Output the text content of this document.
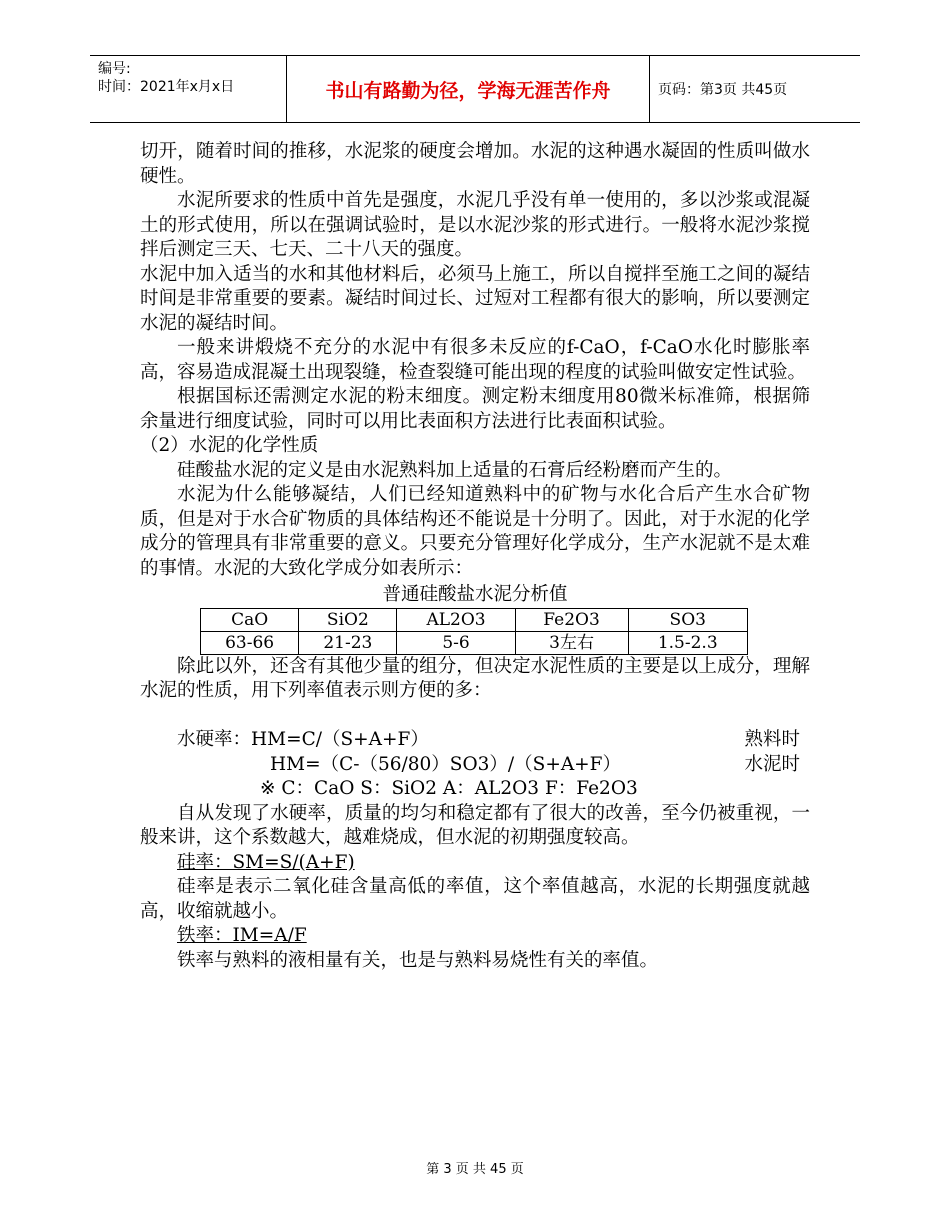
编号:
时间：2021年x月x日	书山有路勤为径，学海无涯苦作舟	页码：第3页 共45页

切开，随着时间的推移，水泥浆的硬度会增加。水泥的这种遇水凝固的性质叫做水硬性。

水泥所要求的性质中首先是强度，水泥几乎没有单一使用的，多以沙浆或混凝土的形式使用，所以在强调试验时，是以水泥沙浆的形式进行。一般将水泥沙浆搅拌后测定三天、七天、二十八天的强度。

水泥中加入适当的水和其他材料后，必须马上施工，所以自搅拌至施工之间的凝结时间是非常重要的要素。凝结时间过长、过短对工程都有很大的影响，所以要测定水泥的凝结时间。

一般来讲煅烧不充分的水泥中有很多未反应的f-CaO，f-CaO水化时膨胀率高，容易造成混凝土出现裂缝，检查裂缝可能出现的程度的试验叫做安定性试验。

根据国标还需测定水泥的粉末细度。测定粉末细度用80微米标准筛，根据筛余量进行细度试验，同时可以用比表面积方法进行比表面积试验。

（2）水泥的化学性质

硅酸盐水泥的定义是由水泥熟料加上适量的石膏后经粉磨而产生的。

水泥为什么能够凝结，人们已经知道熟料中的矿物与水化合后产生水合矿物质，但是对于水合矿物质的具体结构还不能说是十分明了。因此，对于水泥的化学成分的管理具有非常重要的意义。只要充分管理好化学成分，生产水泥就不是太难的事情。水泥的大致化学成分如表所示：

普通硅酸盐水泥分析值

CaO	SiO2	AL2O3	Fe2O3	SO3
63-66	21-23	5-6	3左右	1.5-2.3

除此以外，还含有其他少量的组分，但决定水泥性质的主要是以上成分，理解水泥的性质，用下列率值表示则方便的多：

水硬率：HM=C/（S+A+F）	熟料时
HM=（C-（56/80）SO3）/（S+A+F）	水泥时
※ C：CaO S：SiO2 A：AL2O3 F：Fe2O3

自从发现了水硬率，质量的均匀和稳定都有了很大的改善，至今仍被重视，一般来讲，这个系数越大，越难烧成，但水泥的初期强度较高。

硅率：SM=S/(A+F)

硅率是表示二氧化硅含量高低的率值，这个率值越高，水泥的长期强度就越高，收缩就越小。

铁率：IM=A/F

铁率与熟料的液相量有关，也是与熟料易烧性有关的率值。

第 3 页 共 45 页
